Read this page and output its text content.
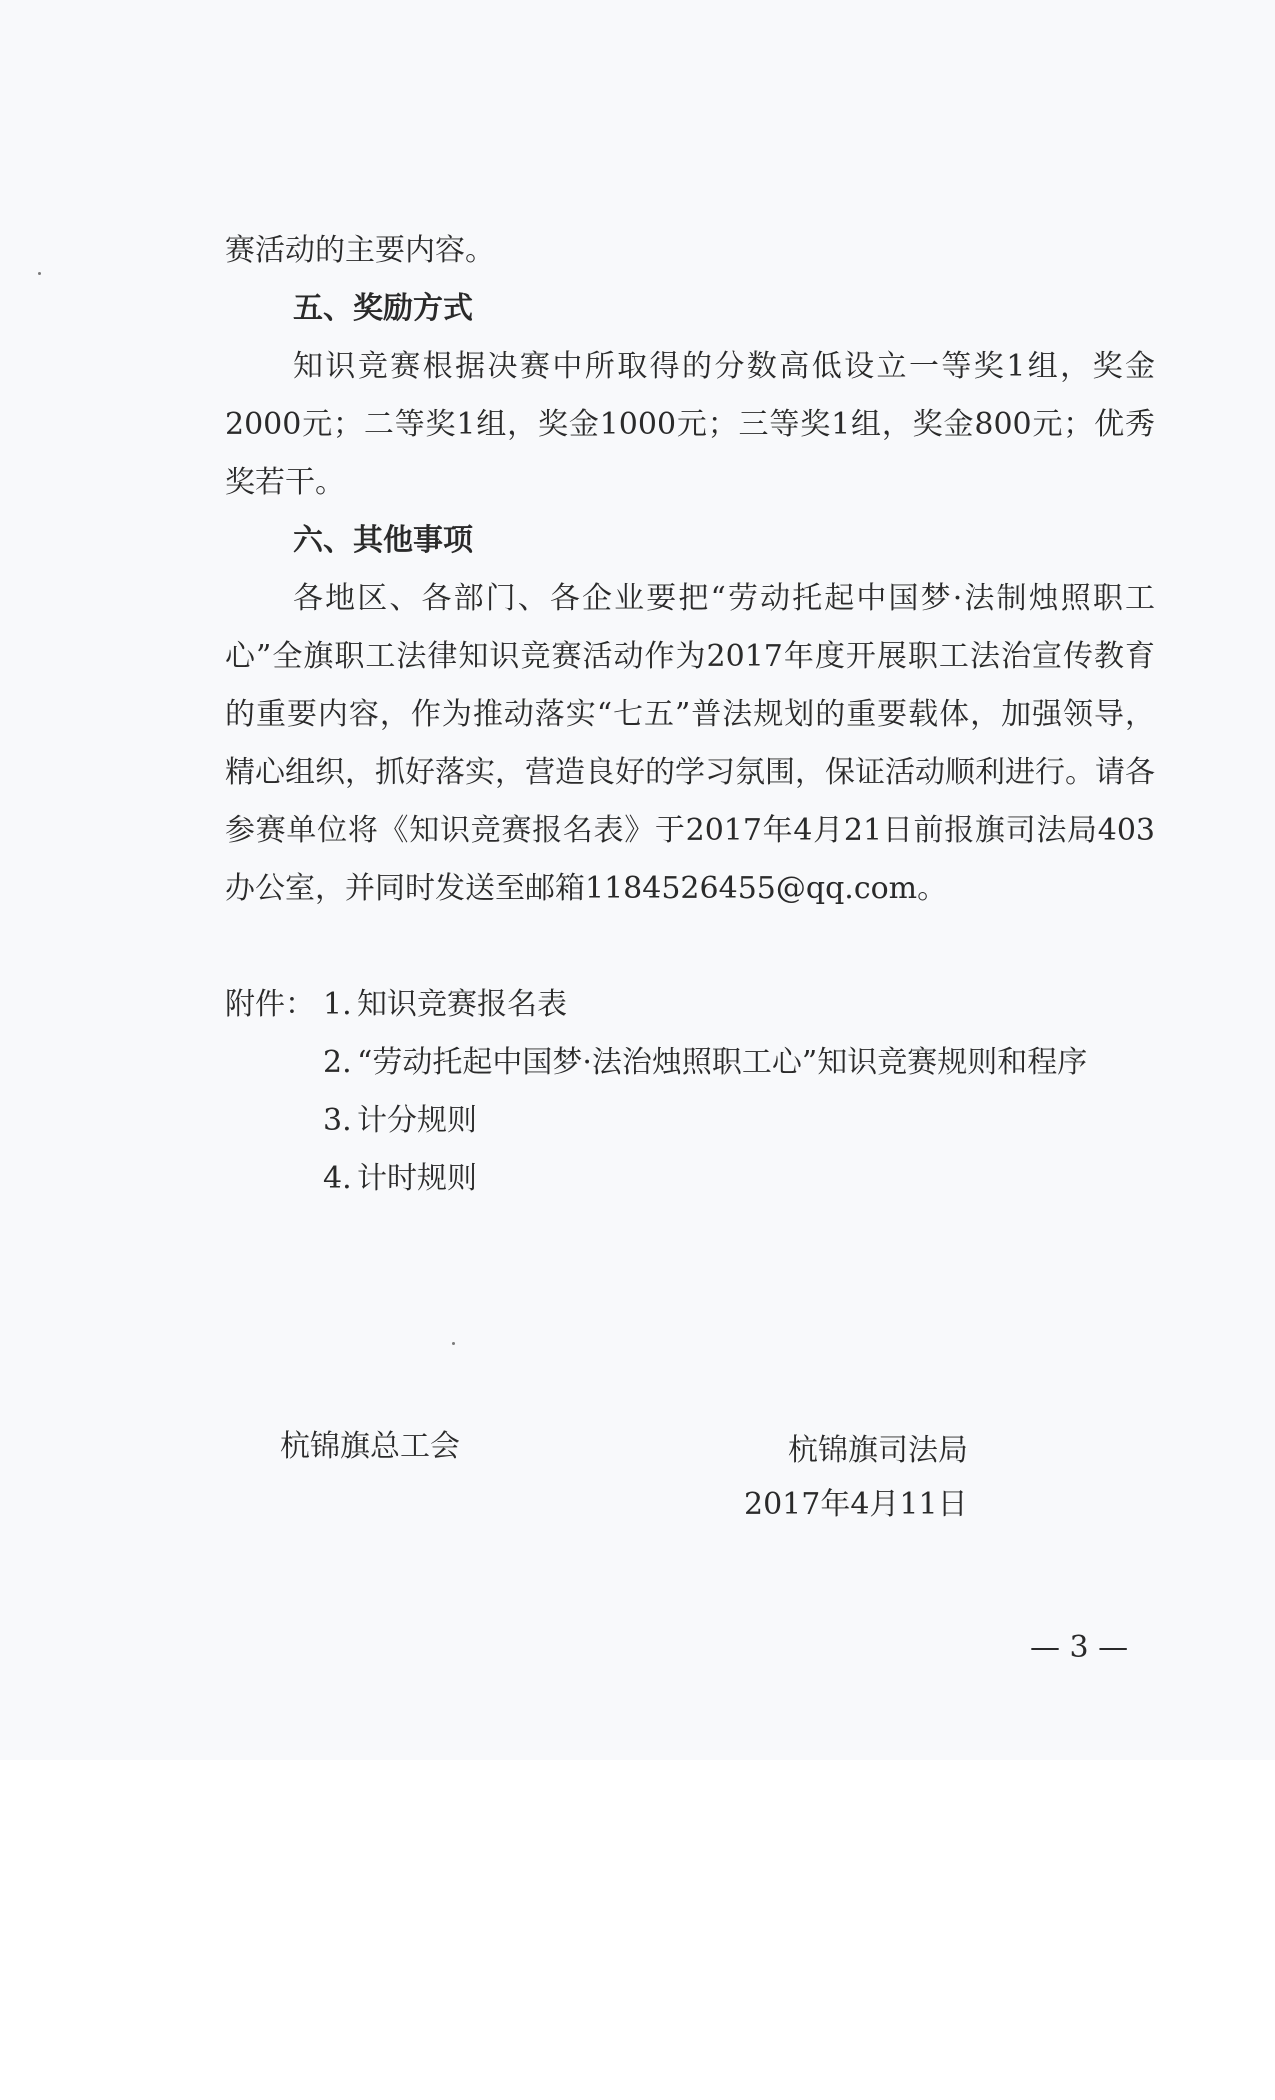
赛活动的主要内容。

五、奖励方式

知识竞赛根据决赛中所取得的分数高低设立一等奖1组，奖金2000元；二等奖1组，奖金1000元；三等奖1组，奖金800元；优秀奖若干。

六、其他事项

各地区、各部门、各企业要把“劳动托起中国梦·法制烛照职工心”全旗职工法律知识竞赛活动作为2017年度开展职工法治宣传教育的重要内容，作为推动落实“七五”普法规划的重要载体，加强领导，精心组织，抓好落实，营造良好的学习氛围，保证活动顺利进行。请各参赛单位将《知识竞赛报名表》于2017年4月21日前报旗司法局403办公室，并同时发送至邮箱1184526455@qq.com。

附件： 1. 知识竞赛报名表
2. “劳动托起中国梦·法治烛照职工心”知识竞赛规则和程序
3. 计分规则
4. 计时规则
杭锦旗总工会	杭锦旗司法局
2017年4月11日
— 3 —
